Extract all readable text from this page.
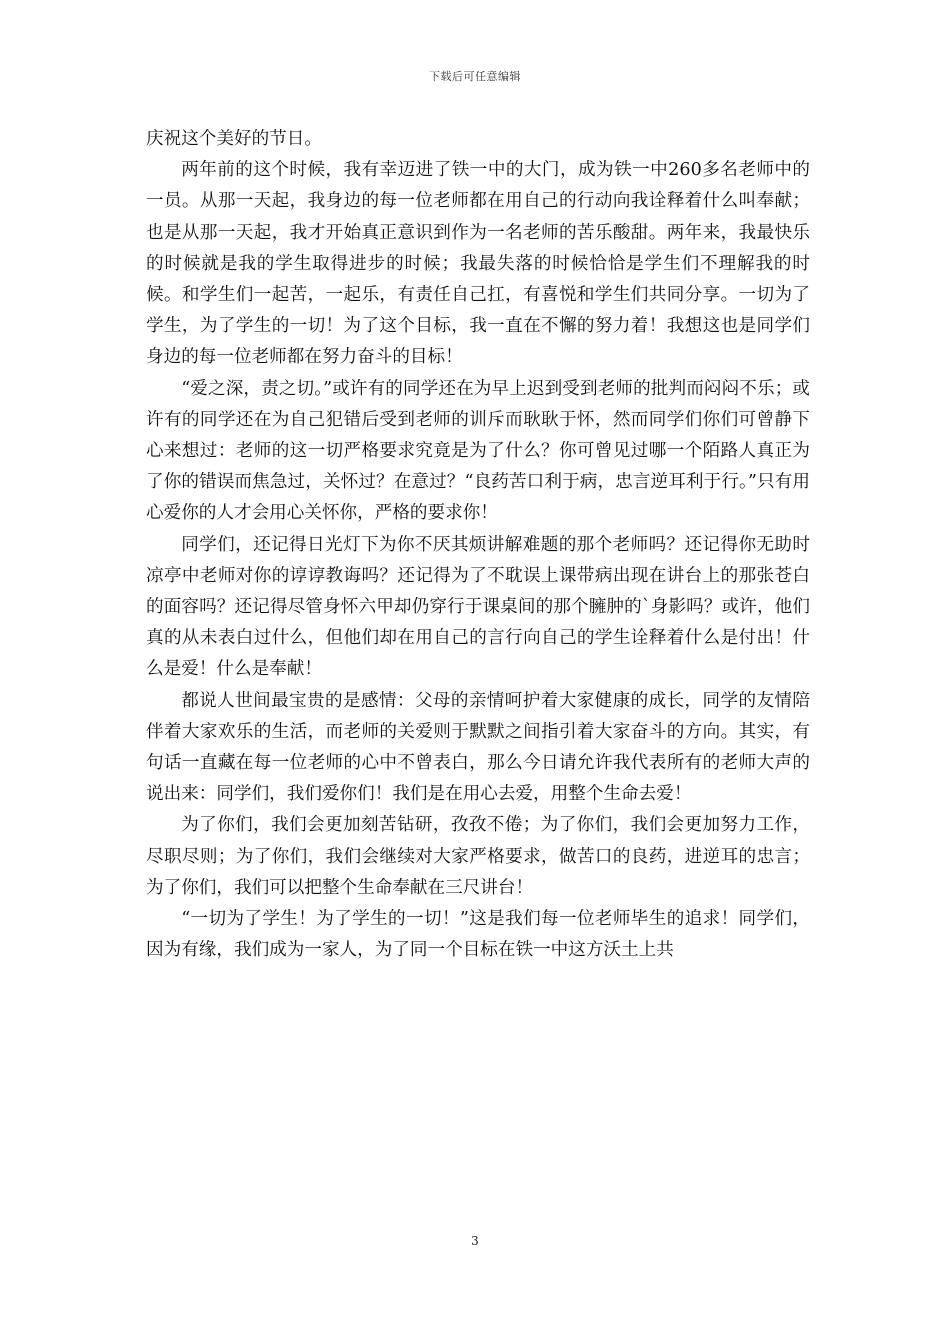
下载后可任意编辑

庆祝这个美好的节日。

两年前的这个时候，我有幸迈进了铁一中的大门，成为铁一中260多名老师中的一员。从那一天起，我身边的每一位老师都在用自己的行动向我诠释着什么叫奉献；也是从那一天起，我才开始真正意识到作为一名老师的苦乐酸甜。两年来，我最快乐的时候就是我的学生取得进步的时候；我最失落的时候恰恰是学生们不理解我的时候。和学生们一起苦，一起乐，有责任自己扛，有喜悦和学生们共同分享。一切为了学生，为了学生的一切！为了这个目标，我一直在不懈的努力着！我想这也是同学们身边的每一位老师都在努力奋斗的目标！

“爱之深，责之切。”或许有的同学还在为早上迟到受到老师的批判而闷闷不乐；或许有的同学还在为自己犯错后受到老师的训斥而耿耿于怀，然而同学们你们可曾静下心来想过：老师的这一切严格要求究竟是为了什么？你可曾见过哪一个陌路人真正为了你的错误而焦急过，关怀过？在意过？“良药苦口利于病，忠言逆耳利于行。”只有用心爱你的人才会用心关怀你，严格的要求你！

同学们，还记得日光灯下为你不厌其烦讲解难题的那个老师吗？还记得你无助时凉亭中老师对你的谆谆教诲吗？还记得为了不耽误上课带病出现在讲台上的那张苍白的面容吗？还记得尽管身怀六甲却仍穿行于课桌间的那个臃肿的`身影吗？或许，他们真的从未表白过什么，但他们却在用自己的言行向自己的学生诠释着什么是付出！什么是爱！什么是奉献！

都说人世间最宝贵的是感情：父母的亲情呵护着大家健康的成长，同学的友情陪伴着大家欢乐的生活，而老师的关爱则于默默之间指引着大家奋斗的方向。其实，有句话一直藏在每一位老师的心中不曾表白，那么今日请允许我代表所有的老师大声的说出来：同学们，我们爱你们！我们是在用心去爱，用整个生命去爱！

为了你们，我们会更加刻苦钻研，孜孜不倦；为了你们，我们会更加努力工作，尽职尽则；为了你们，我们会继续对大家严格要求，做苦口的良药，进逆耳的忠言；为了你们，我们可以把整个生命奉献在三尺讲台！

“一切为了学生！为了学生的一切！”这是我们每一位老师毕生的追求！同学们，因为有缘，我们成为一家人，为了同一个目标在铁一中这方沃土上共

3
